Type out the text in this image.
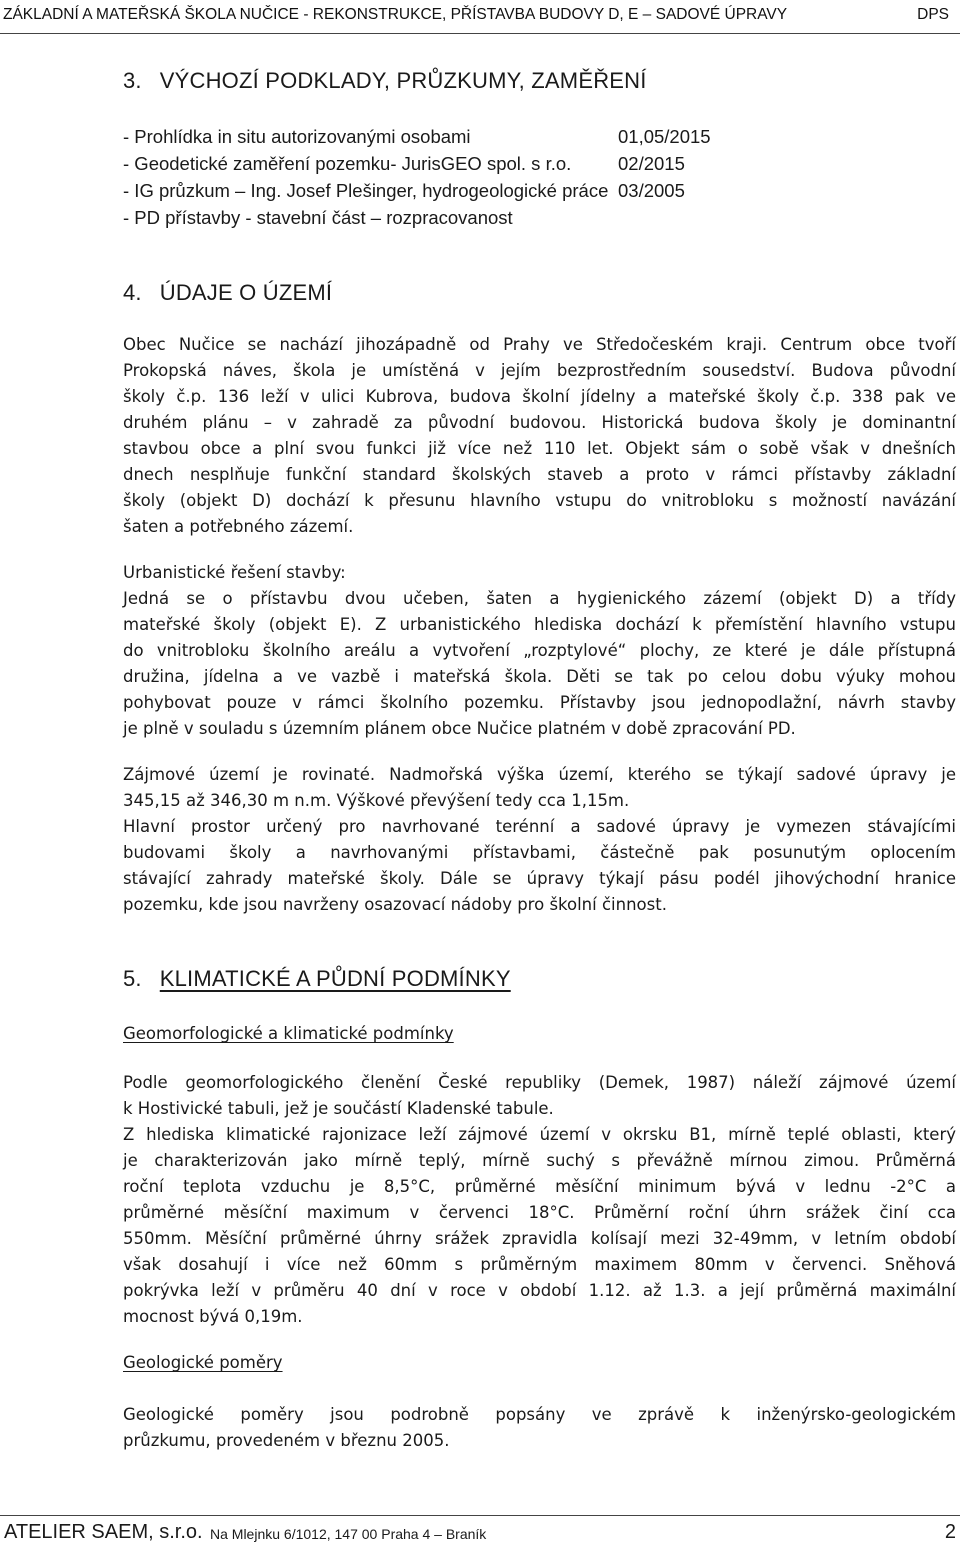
ZÁKLADNÍ A MATEŘSKÁ ŠKOLA NUČICE - REKONSTRUKCE, PŘÍSTAVBA BUDOVY D, E – SADOVÉ ÚPRAVY	DPS
3. VÝCHOZÍ PODKLADY, PRŮZKUMY, ZAMĚŘENÍ
- Prohlídka in situ autorizovanými osobami	01,05/2015
- Geodetické zaměření pozemku- JurisGEO spol. s r.o.	02/2015
- IG průzkum – Ing. Josef Plešinger, hydrogeologické práce 03/2005
- PD přístavby - stavební část – rozpracovanost
4. ÚDAJE O ÚZEMÍ
Obec Nučice se nachází jihozápadně od Prahy ve Středočeském kraji. Centrum obce tvoří
Prokopská náves, škola je umístěná v jejím bezprostředním sousedství. Budova původní
školy č.p. 136 leží v ulici Kubrova, budova školní jídelny a mateřské školy č.p. 338 pak ve
druhém plánu – v zahradě za původní budovou. Historická budova školy je dominantní
stavbou obce a plní svou funkci již více než 110 let. Objekt sám o sobě však v dnešních
dnech nesplňuje funkční standard školských staveb a proto v rámci přístavby základní
školy (objekt D) dochází k přesunu hlavního vstupu do vnitrobloku s možností navázání
šaten a potřebného zázemí.
Urbanistické řešení stavby:
Jedná se o přístavbu dvou učeben, šaten a hygienického zázemí (objekt D) a třídy
mateřské školy (objekt E). Z urbanistického hlediska dochází k přemístění hlavního vstupu
do vnitrobloku školního areálu a vytvoření „rozptylové“ plochy, ze které je dále přístupná
družina, jídelna a ve vazbě i mateřská škola. Děti se tak po celou dobu výuky mohou
pohybovat pouze v rámci školního pozemku. Přístavby jsou jednopodlažní, návrh stavby
je plně v souladu s územním plánem obce Nučice platném v době zpracování PD.
Zájmové území je rovinaté. Nadmořská výška území, kterého se týkají sadové úpravy je
345,15 až 346,30 m n.m. Výškové převýšení tedy cca 1,15m.
Hlavní prostor určený pro navrhované terénní a sadové úpravy je vymezen stávajícími
budovami školy a navrhovanými přístavbami, částečně pak posunutým oplocením
stávající zahrady mateřské školy. Dále se úpravy týkají pásu podél jihovýchodní hranice
pozemku, kde jsou navrženy osazovací nádoby pro školní činnost.
5. KLIMATICKÉ A PŮDNÍ PODMÍNKY
Geomorfologické a klimatické podmínky
Podle geomorfologického členění České republiky (Demek, 1987) náleží zájmové území
k Hostivické tabuli, jež je součástí Kladenské tabule.
Z hlediska klimatické rajonizace leží zájmové území v okrsku B1, mírně teplé oblasti, který
je charakterizován jako mírně teplý, mírně suchý s převážně mírnou zimou. Průměrná
roční teplota vzduchu je 8,5°C, průměrné měsíční minimum bývá v lednu -2°C a
průměrné měsíční maximum v červenci 18°C. Průměrní roční úhrn srážek činí cca
550mm. Měsíční průměrné úhrny srážek zpravidla kolísají mezi 32-49mm, v letním období
však dosahují i více než 60mm s průměrným maximem 80mm v červenci. Sněhová
pokrývka leží v průměru 40 dní v roce v období 1.12. až 1.3. a její průměrná maximální
mocnost bývá 0,19m.
Geologické poměry
Geologické poměry jsou podrobně popsány ve zprávě k inženýrsko-geologickém
průzkumu, provedeném v březnu 2005.
ATELIER SAEM, s.r.o. Na Mlejnku 6/1012, 147 00 Praha 4 – Braník	2
